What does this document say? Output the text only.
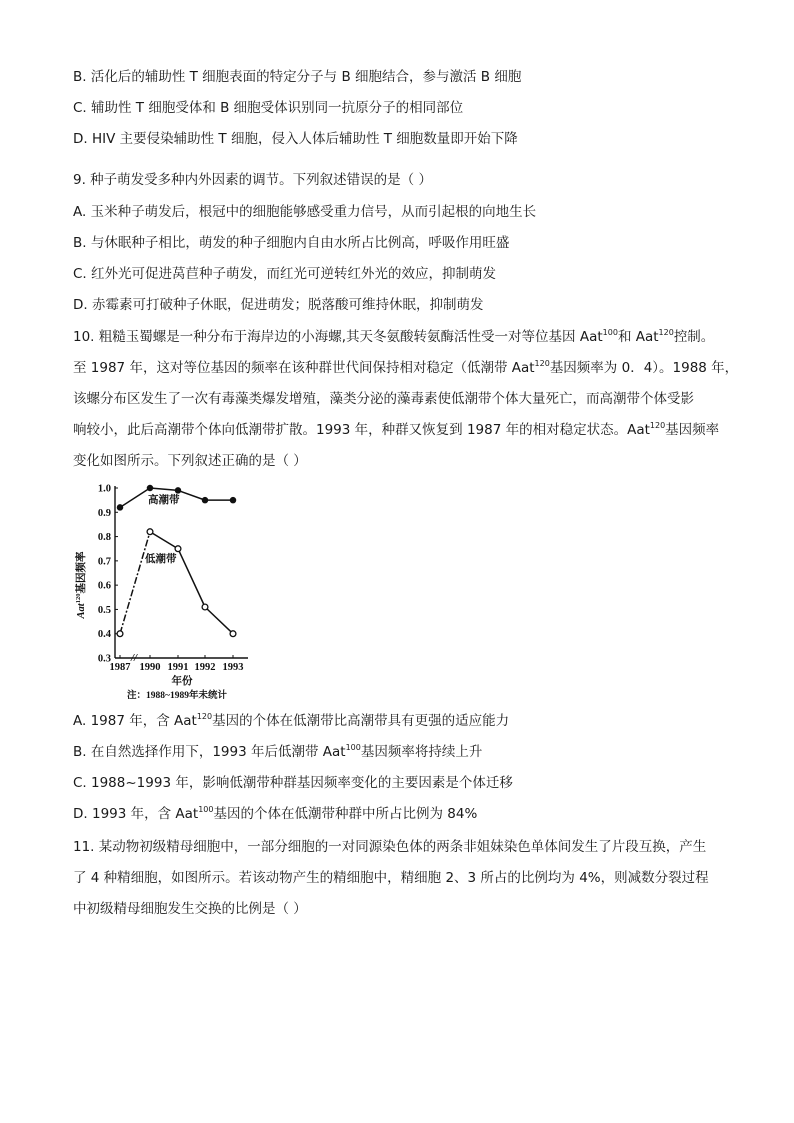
B. 活化后的辅助性 T 细胞表面的特定分子与 B 细胞结合，参与激活 B 细胞
C. 辅助性 T 细胞受体和 B 细胞受体识别同一抗原分子的相同部位
D. HIV 主要侵染辅助性 T 细胞，侵入人体后辅助性 T 细胞数量即开始下降
9. 种子萌发受多种内外因素的调节。下列叙述错误的是（ ）
A. 玉米种子萌发后，根冠中的细胞能够感受重力信号，从而引起根的向地生长
B. 与休眠种子相比，萌发的种子细胞内自由水所占比例高，呼吸作用旺盛
C. 红外光可促进莴苣种子萌发，而红光可逆转红外光的效应，抑制萌发
D. 赤霉素可打破种子休眠，促进萌发；脱落酸可维持休眠，抑制萌发
10. 粗糙玉蜀螺是一种分布于海岸边的小海螺,其天冬氨酸转氨酶活性受一对等位基因 Aat$^{100}$和 Aat$^{120}$控制。
至 1987 年，这对等位基因的频率在该种群世代间保持相对稳定（低潮带 Aat$^{120}$基因频率为 0．4）。1988 年，
该螺分布区发生了一次有毒藻类爆发增殖，藻类分泌的藻毒素使低潮带个体大量死亡，而高潮带个体受影
响较小，此后高潮带个体向低潮带扩散。1993 年，种群又恢复到 1987 年的相对稳定状态。Aat$^{120}$基因频率
变化如图所示。下列叙述正确的是（ ）
0.3
0.4
0.5
0.6
0.7
0.8
0.9
1.0
1987 1990 1991 1992 1993
//
高潮带
低潮带
Aat$^{120}$基因频率
年份
注：1988~1989年未统计
A. 1987 年，含 Aat$^{120}$基因的个体在低潮带比高潮带具有更强的适应能力
B. 在自然选择作用下，1993 年后低潮带 Aat$^{100}$基因频率将持续上升
C. 1988~1993 年，影响低潮带种群基因频率变化的主要因素是个体迁移
D. 1993 年，含 Aat$^{100}$基因的个体在低潮带种群中所占比例为 84%
11. 某动物初级精母细胞中，一部分细胞的一对同源染色体的两条非姐妹染色单体间发生了片段互换，产生
了 4 种精细胞，如图所示。若该动物产生的精细胞中，精细胞 2、3 所占的比例均为 4%，则减数分裂过程
中初级精母细胞发生交换的比例是（ ）
